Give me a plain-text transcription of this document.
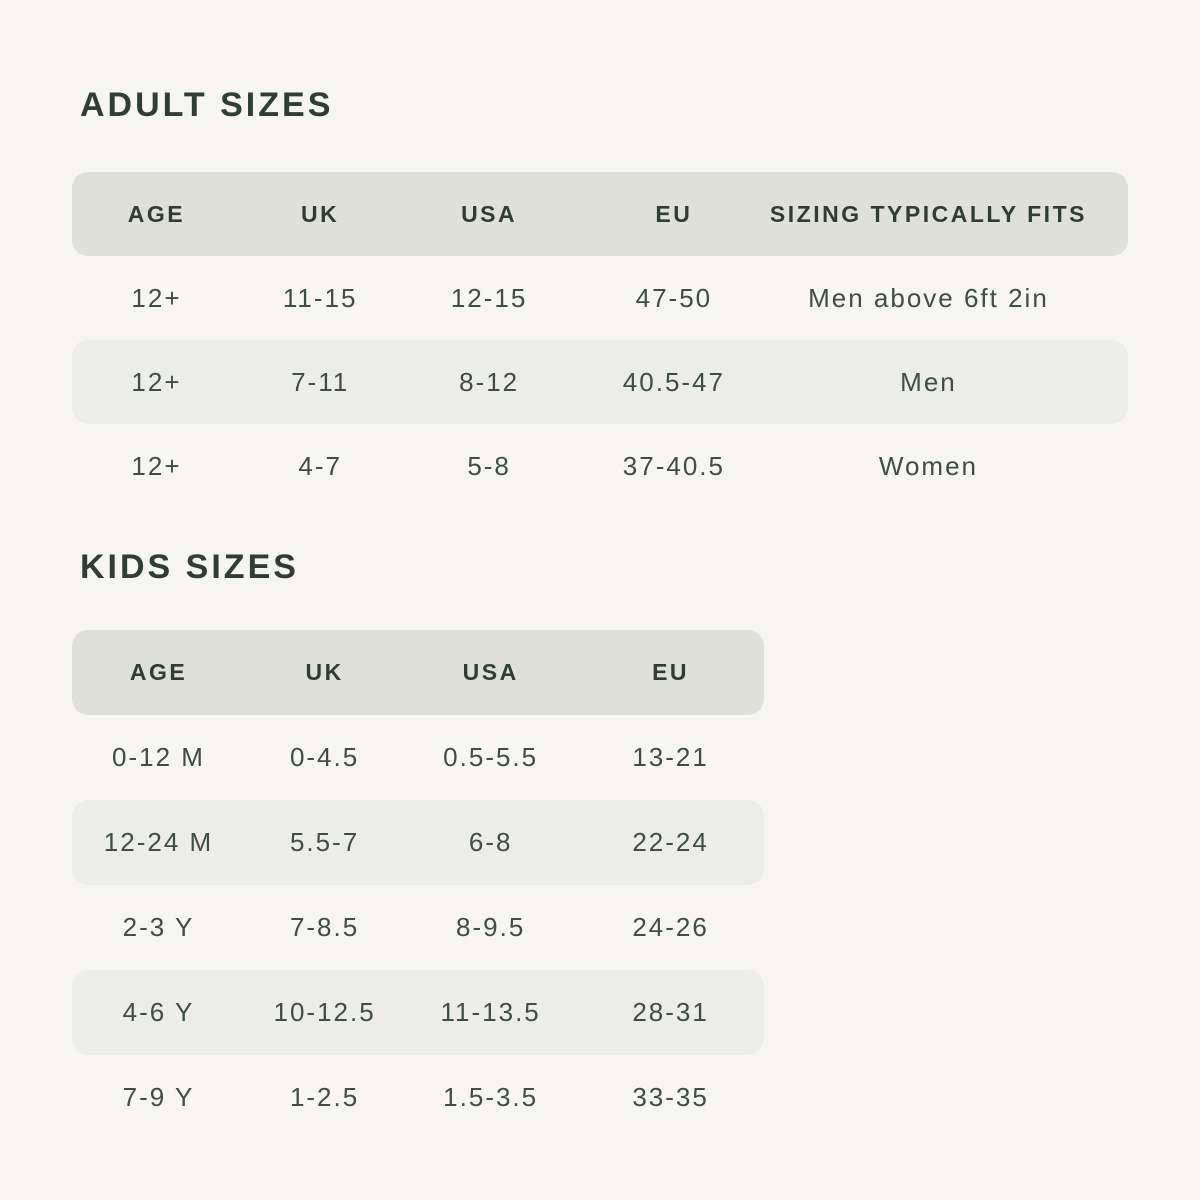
ADULT SIZES
AGE	UK	USA	EU	SIZING TYPICALLY FITS
12+	11-15	12-15	47-50	Men above 6ft 2in
12+	7-11	8-12	40.5-47	Men
12+	4-7	5-8	37-40.5	Women
KIDS SIZES
AGE	UK	USA	EU
0-12 M	0-4.5	0.5-5.5	13-21
12-24 M	5.5-7	6-8	22-24
2-3 Y	7-8.5	8-9.5	24-26
4-6 Y	10-12.5	11-13.5	28-31
7-9 Y	1-2.5	1.5-3.5	33-35
